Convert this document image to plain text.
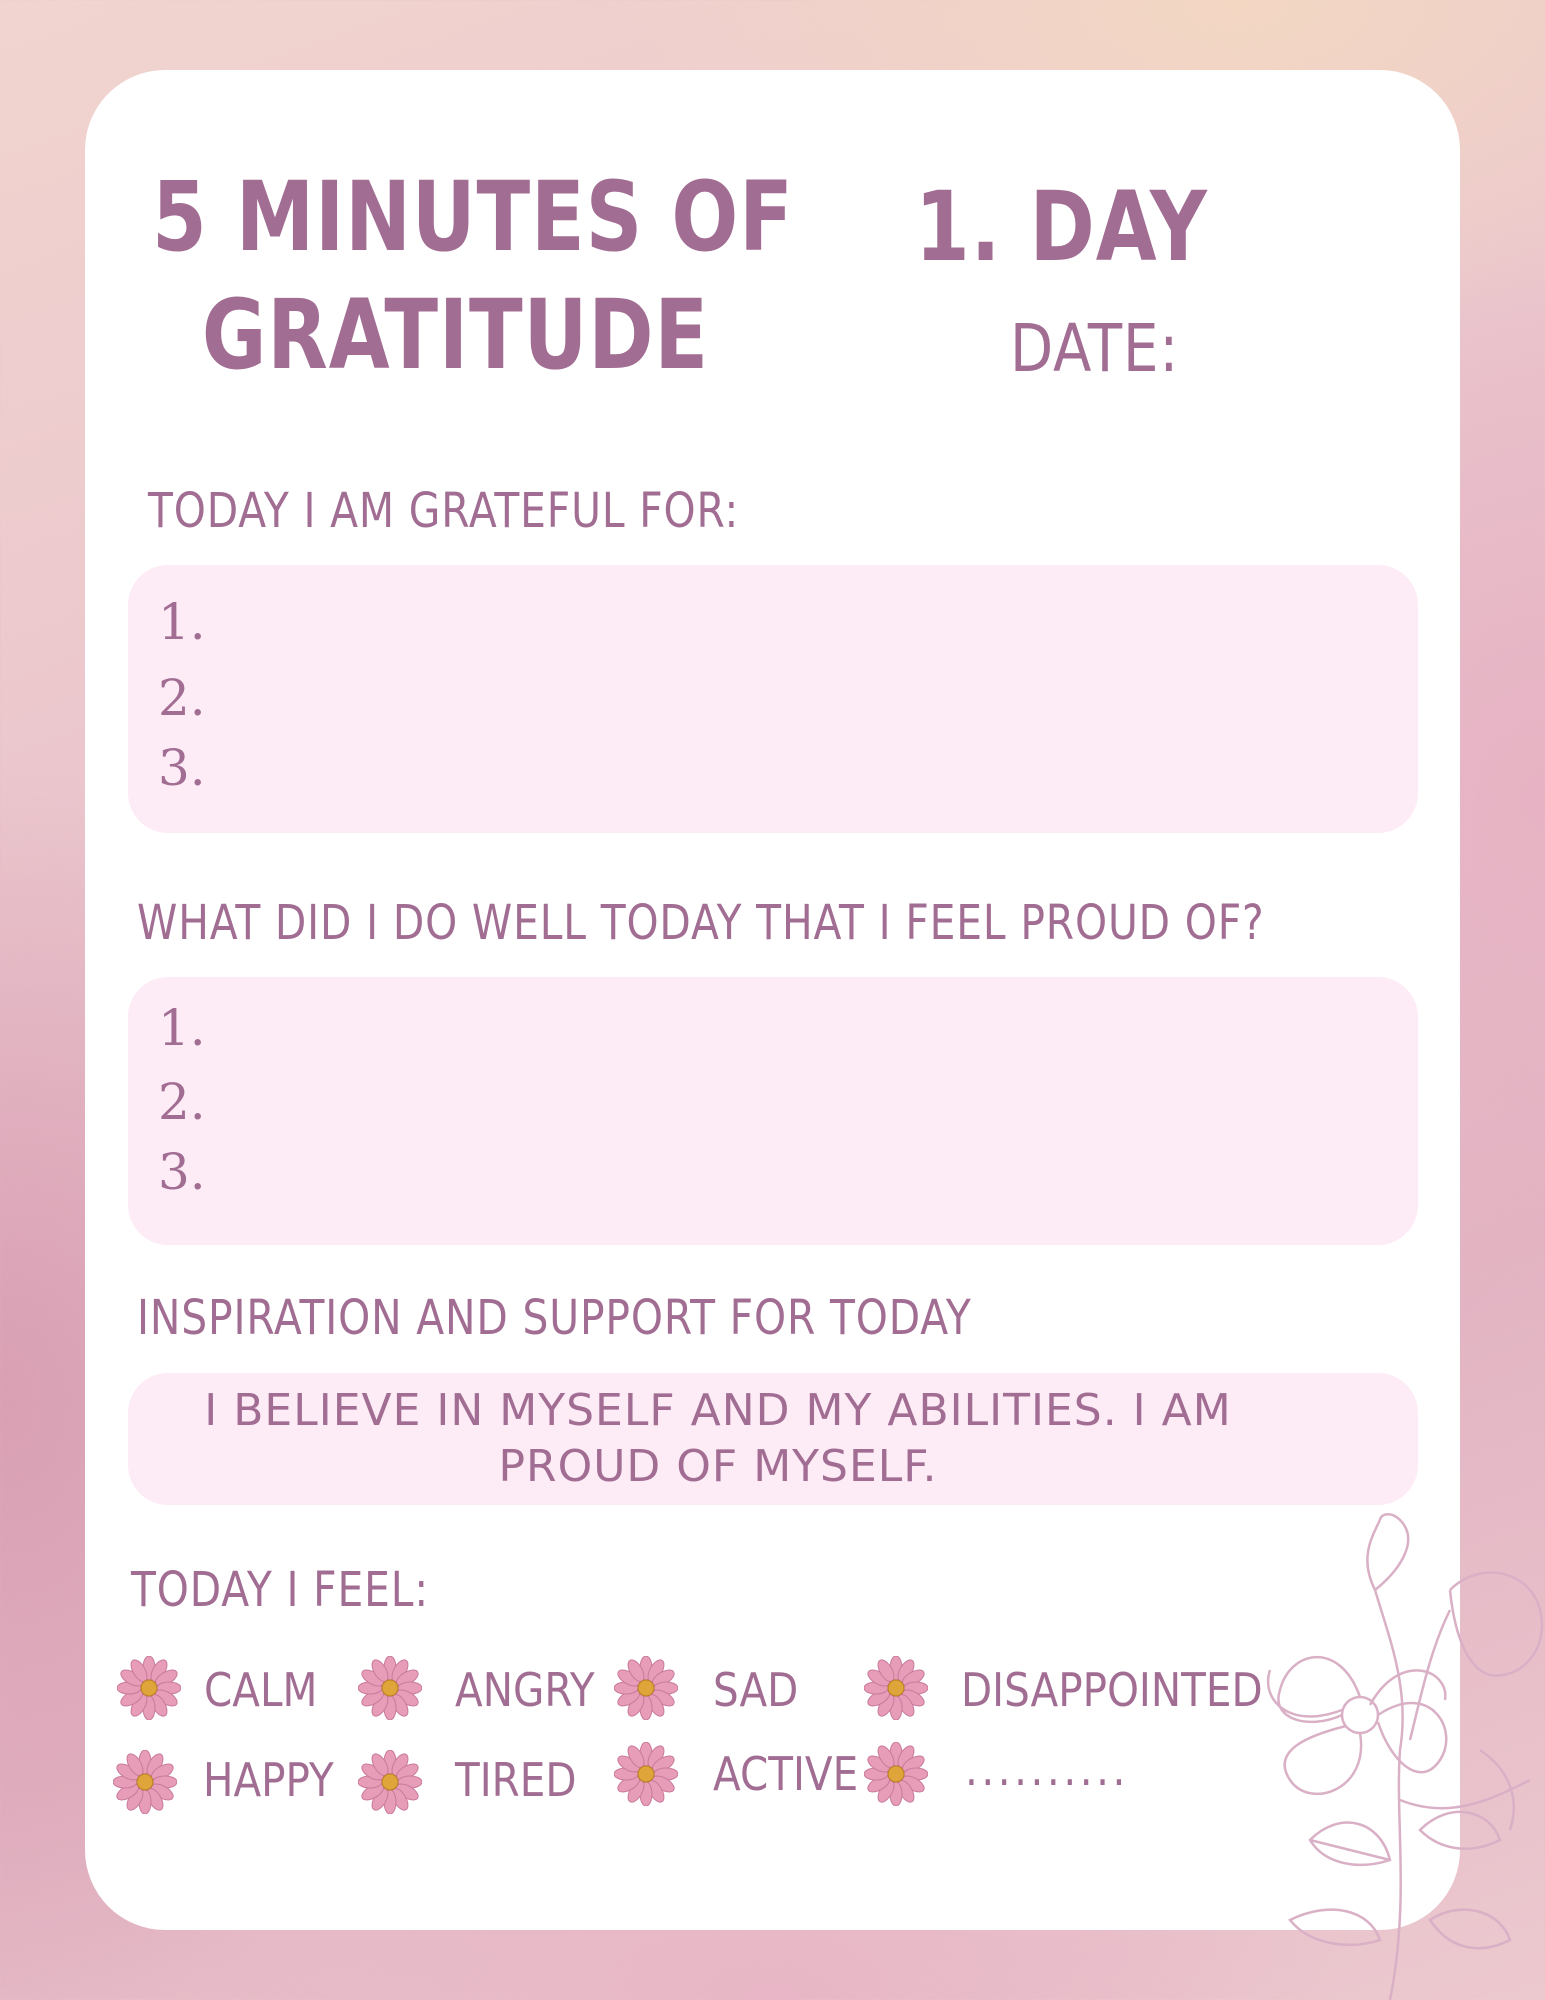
5 MINUTES OF
GRATITUDE
1. DAY
DATE:
TODAY I AM GRATEFUL FOR:
1.
2.
3.
WHAT DID I DO WELL TODAY THAT I FEEL PROUD OF?
1.
2.
3.
INSPIRATION AND SUPPORT FOR TODAY
I BELIEVE IN MYSELF AND MY ABILITIES. I AM PROUD OF MYSELF.
TODAY I FEEL:
CALM	ANGRY	SAD	DISAPPOINTED
HAPPY	TIRED	ACTIVE ..........
